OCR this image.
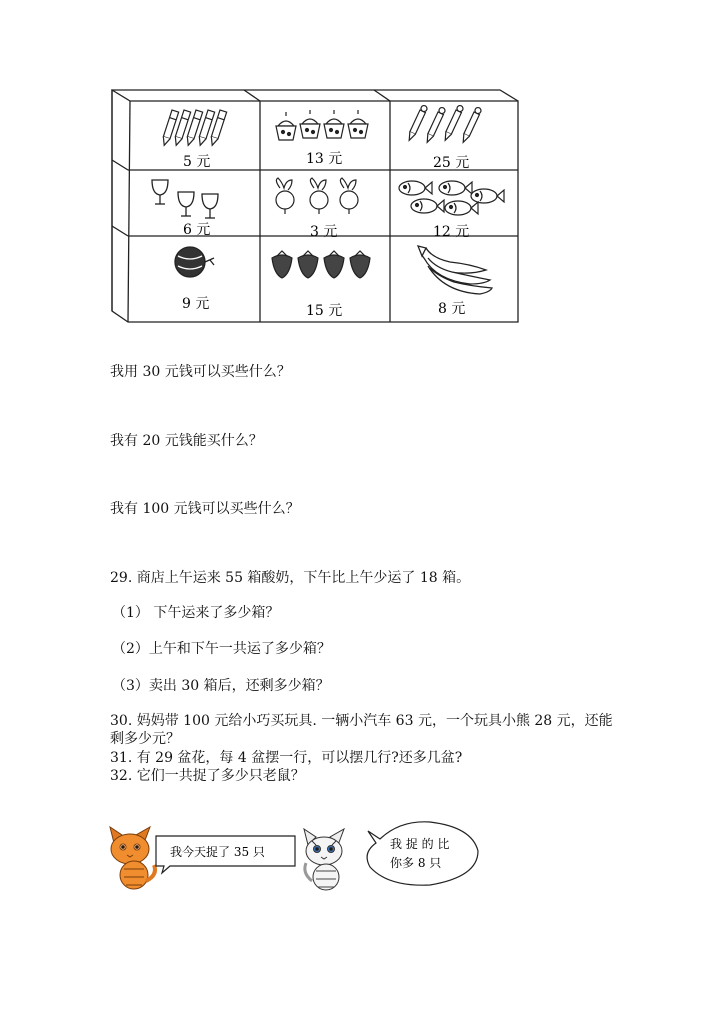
5 元	13 元	25 元
6 元	3 元	12 元
9 元	15 元	8 元
我用 30 元钱可以买些什么？
我有 20 元钱能买什么？
我有 100 元钱可以买些什么？
29. 商店上午运来 55 箱酸奶，下午比上午少运了 18 箱。
（1） 下午运来了多少箱？
（2）上午和下午一共运了多少箱？
（3）卖出 30 箱后，还剩多少箱？
30. 妈妈带 100 元给小巧买玩具. 一辆小汽车 63 元，一个玩具小熊 28 元，还能
剩多少元？
31. 有 29 盆花，每 4 盆摆一行，可以摆几行?还多几盆?
32. 它们一共捉了多少只老鼠？
我今天捉了 35 只
我 捉 的 比
你多 8 只
